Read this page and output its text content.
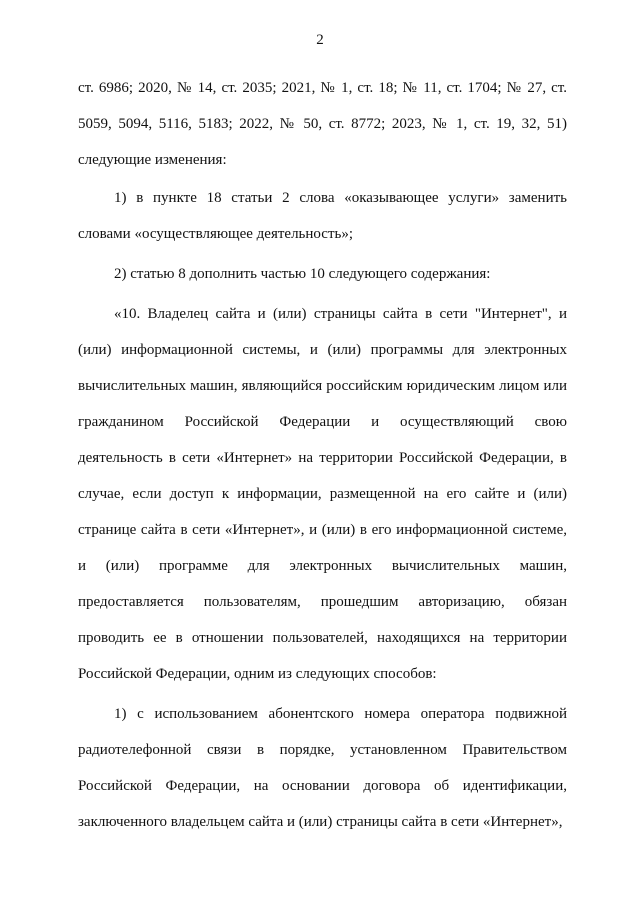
2

ст. 6986; 2020, № 14, ст. 2035; 2021, № 1, ст. 18; № 11, ст. 1704; № 27, ст. 5059, 5094, 5116, 5183; 2022, № 50, ст. 8772; 2023, № 1, ст. 19, 32, 51) следующие изменения:

1) в пункте 18 статьи 2 слова «оказывающее услуги» заменить словами «осуществляющее деятельность»;

2) статью 8 дополнить частью 10 следующего содержания:

«10. Владелец сайта и (или) страницы сайта в сети "Интернет", и (или) информационной системы, и (или) программы для электронных вычислительных машин, являющийся российским юридическим лицом или гражданином Российской Федерации и осуществляющий свою деятельность в сети «Интернет» на территории Российской Федерации, в случае, если доступ к информации, размещенной на его сайте и (или) странице сайта в сети «Интернет», и (или) в его информационной системе, и (или) программе для электронных вычислительных машин, предоставляется пользователям, прошедшим авторизацию, обязан проводить ее в отношении пользователей, находящихся на территории Российской Федерации, одним из следующих способов:

1) с использованием абонентского номера оператора подвижной радиотелефонной связи в порядке, установленном Правительством Российской Федерации, на основании договора об идентификации, заключенного владельцем сайта и (или) страницы сайта в сети «Интернет»,
